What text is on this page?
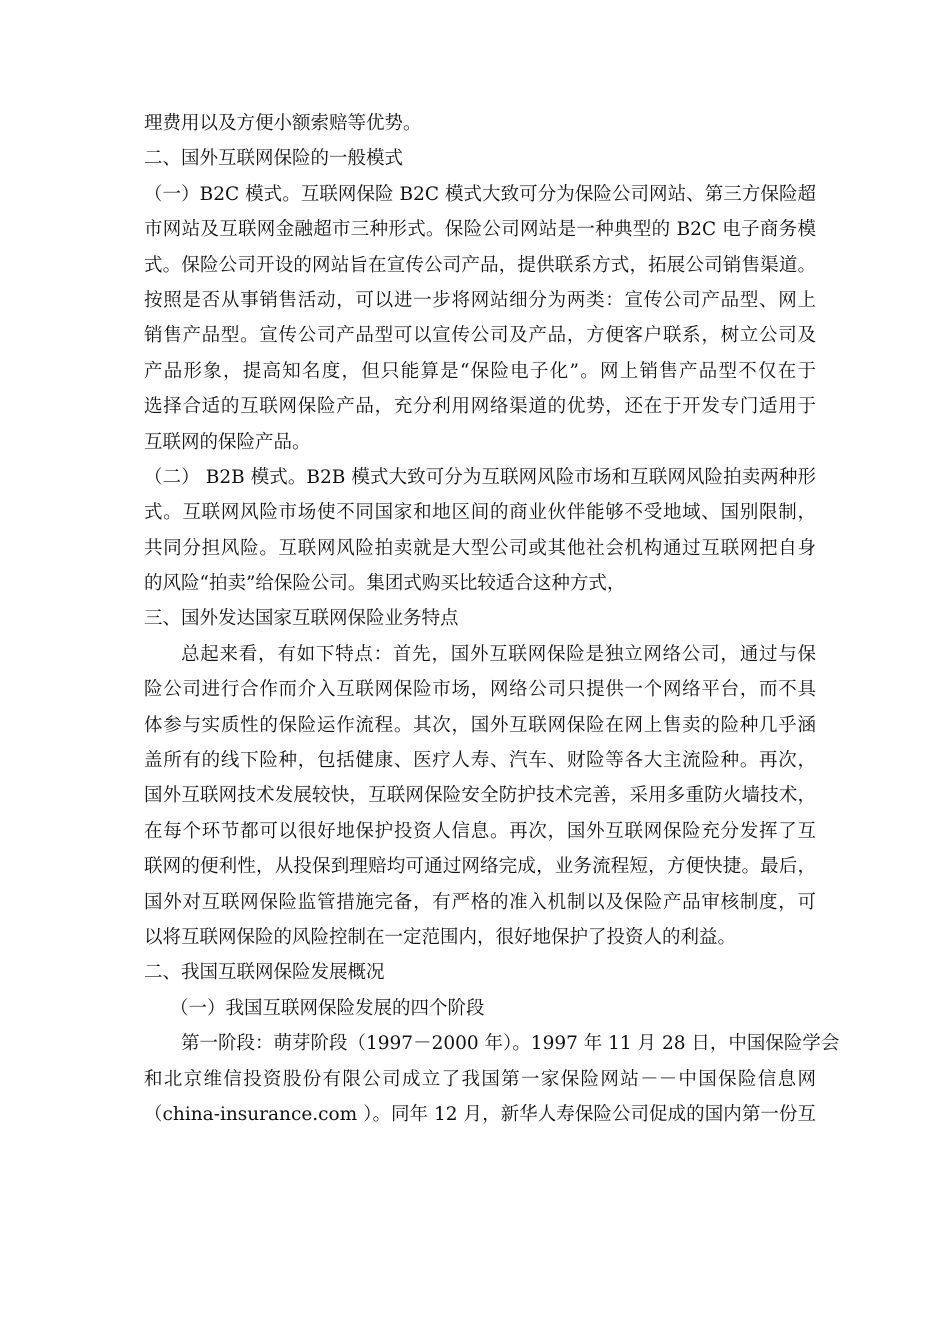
理费用以及方便小额索赔等优势。
二、国外互联网保险的一般模式
（一）B2C 模式。互联网保险 B2C 模式大致可分为保险公司网站、第三方保险超
市网站及互联网金融超市三种形式。保险公司网站是一种典型的 B2C 电子商务模
式。保险公司开设的网站旨在宣传公司产品，提供联系方式，拓展公司销售渠道。
按照是否从事销售活动，可以进一步将网站细分为两类：宣传公司产品型、网上
销售产品型。宣传公司产品型可以宣传公司及产品，方便客户联系，树立公司及
产品形象，提高知名度，但只能算是“保险电子化”。网上销售产品型不仅在于
选择合适的互联网保险产品，充分利用网络渠道的优势，还在于开发专门适用于
互联网的保险产品。
（二） B2B 模式。B2B 模式大致可分为互联网风险市场和互联网风险拍卖两种形
式。互联网风险市场使不同国家和地区间的商业伙伴能够不受地域、国别限制，
共同分担风险。互联网风险拍卖就是大型公司或其他社会机构通过互联网把自身
的风险“拍卖”给保险公司。集团式购买比较适合这种方式，
三、国外发达国家互联网保险业务特点
总起来看，有如下特点：首先，国外互联网保险是独立网络公司，通过与保
险公司进行合作而介入互联网保险市场，网络公司只提供一个网络平台，而不具
体参与实质性的保险运作流程。其次，国外互联网保险在网上售卖的险种几乎涵
盖所有的线下险种，包括健康、医疗人寿、汽车、财险等各大主流险种。再次，
国外互联网技术发展较快，互联网保险安全防护技术完善，采用多重防火墙技术，
在每个环节都可以很好地保护投资人信息。再次，国外互联网保险充分发挥了互
联网的便利性，从投保到理赔均可通过网络完成，业务流程短，方便快捷。最后，
国外对互联网保险监管措施完备，有严格的准入机制以及保险产品审核制度，可
以将互联网保险的风险控制在一定范围内，很好地保护了投资人的利益。
二、我国互联网保险发展概况
（一）我国互联网保险发展的四个阶段
第一阶段：萌芽阶段（1997－2000 年）。1997 年 11 月 28 日，中国保险学会
和北京维信投资股份有限公司成立了我国第一家保险网站－－中国保险信息网
（china-insurance.com ）。同年 12 月，新华人寿保险公司促成的国内第一份互
